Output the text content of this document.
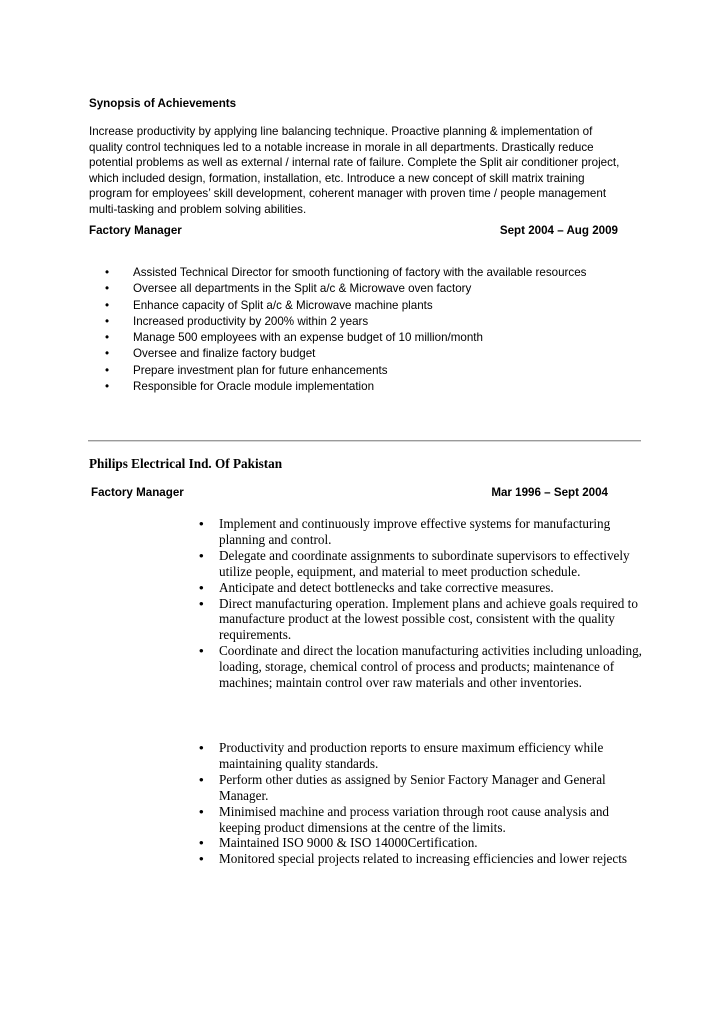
Synopsis of Achievements
Increase productivity by applying line balancing technique. Proactive planning & implementation of quality control techniques led to a notable increase in morale in all departments. Drastically reduce potential problems as well as external / internal rate of failure. Complete the Split air conditioner project, which included design, formation, installation, etc. Introduce a new concept of skill matrix training program for employees’ skill development, coherent manager with proven time / people management multi-tasking and problem solving abilities.
Factory Manager	Sept 2004 – Aug 2009
• Assisted Technical Director for smooth functioning of factory with the available resources
• Oversee all departments in the Split a/c & Microwave oven factory
• Enhance capacity of Split a/c & Microwave machine plants
• Increased productivity by 200% within 2 years
• Manage 500 employees with an expense budget of 10 million/month
• Oversee and finalize factory budget
• Prepare investment plan for future enhancements
• Responsible for Oracle module implementation
Philips Electrical Ind. Of Pakistan
Factory Manager	Mar 1996 – Sept 2004
• Implement and continuously improve effective systems for manufacturing planning and control.
• Delegate and coordinate assignments to subordinate supervisors to effectively utilize people, equipment, and material to meet production schedule.
• Anticipate and detect bottlenecks and take corrective measures.
• Direct manufacturing operation. Implement plans and achieve goals required to manufacture product at the lowest possible cost, consistent with the quality requirements.
• Coordinate and direct the location manufacturing activities including unloading, loading, storage, chemical control of process and products; maintenance of machines; maintain control over raw materials and other inventories.
• Productivity and production reports to ensure maximum efficiency while maintaining quality standards.
• Perform other duties as assigned by Senior Factory Manager and General Manager.
• Minimised machine and process variation through root cause analysis and keeping product dimensions at the centre of the limits.
• Maintained ISO 9000 & ISO 14000Certification.
• Monitored special projects related to increasing efficiencies and lower rejects
